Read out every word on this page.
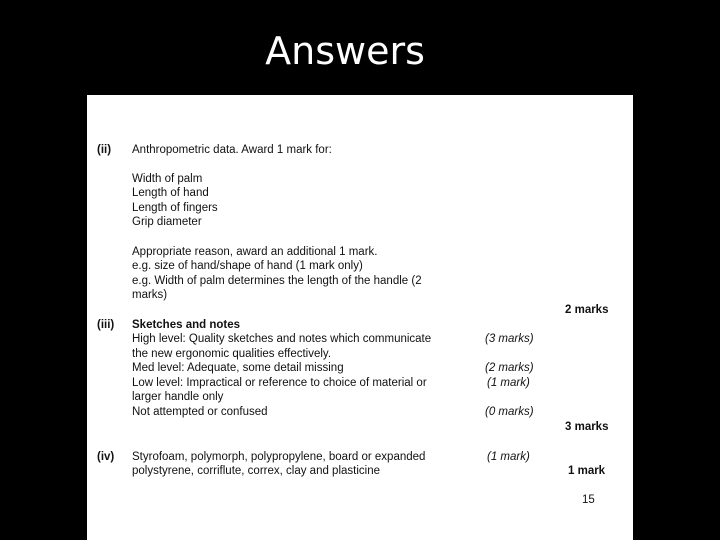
Answers
(ii) Anthropometric data. Award 1 mark for:
Width of palm
Length of hand
Length of fingers
Grip diameter
Appropriate reason, award an additional 1 mark.
e.g. size of hand/shape of hand (1 mark only)
e.g. Width of palm determines the length of the handle (2
marks)
2 marks
(iii) Sketches and notes
High level: Quality sketches and notes which communicate	(3 marks)
the new ergonomic qualities effectively.
Med level: Adequate, some detail missing	(2 marks)
Low level: Impractical or reference to choice of material or	(1 mark)
larger handle only
Not attempted or confused	(0 marks)
3 marks
(iv) Styrofoam, polymorph, polypropylene, board or expanded	(1 mark)
polystyrene, corriflute, correx, clay and plasticine	1 mark
15
